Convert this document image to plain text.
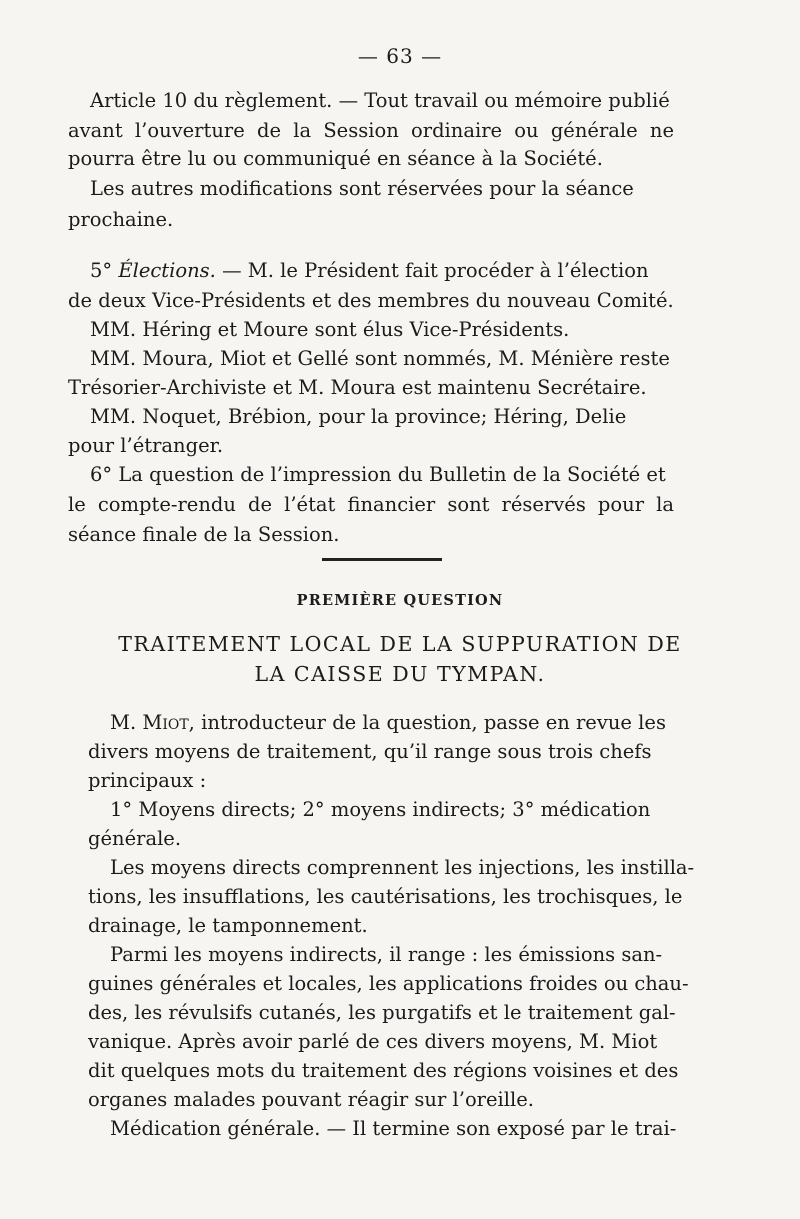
— 63 —
Article 10 du règlement. — Tout travail ou mémoire publié
avant l’ouverture de la Session ordinaire ou générale ne
pourra être lu ou communiqué en séance à la Société.
Les autres modifications sont réservées pour la séance
prochaine.
5° Élections. — M. le Président fait procéder à l’élection
de deux Vice-Présidents et des membres du nouveau Comité.
MM. Héring et Moure sont élus Vice-Présidents.
MM. Moura, Miot et Gellé sont nommés, M. Ménière reste
Trésorier-Archiviste et M. Moura est maintenu Secrétaire.
MM. Noquet, Brébion, pour la province; Héring, Delie
pour l’étranger.
6° La question de l’impression du Bulletin de la Société et
le compte-rendu de l’état financier sont réservés pour la
séance finale de la Session.
PREMIÈRE QUESTION
TRAITEMENT LOCAL DE LA SUPPURATION DE
LA CAISSE DU TYMPAN.
M. Miot, introducteur de la question, passe en revue les
divers moyens de traitement, qu’il range sous trois chefs
principaux :
1° Moyens directs; 2° moyens indirects; 3° médication
générale.
Les moyens directs comprennent les injections, les instilla-
tions, les insufflations, les cautérisations, les trochisques, le
drainage, le tamponnement.
Parmi les moyens indirects, il range : les émissions san-
guines générales et locales, les applications froides ou chau-
des, les révulsifs cutanés, les purgatifs et le traitement gal-
vanique. Après avoir parlé de ces divers moyens, M. Miot
dit quelques mots du traitement des régions voisines et des
organes malades pouvant réagir sur l’oreille.
Médication générale. — Il termine son exposé par le trai-
